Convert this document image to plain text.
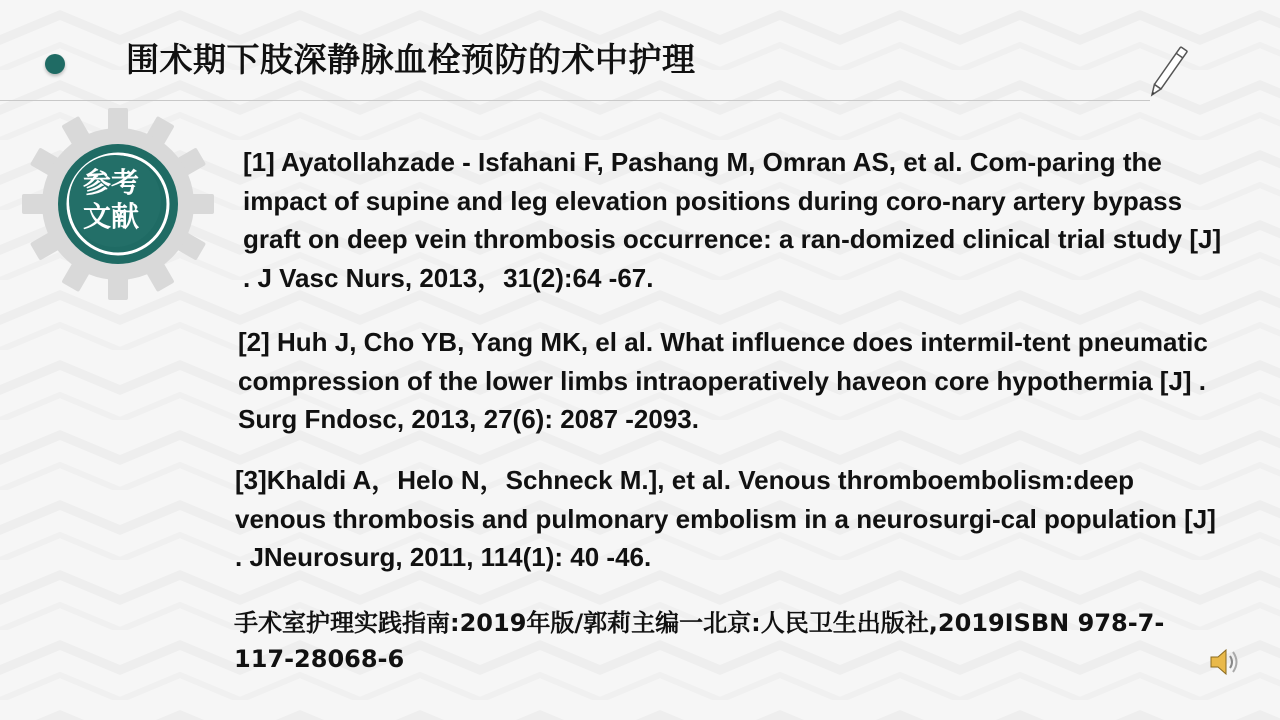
围术期下肢深静脉血栓预防的术中护理
参考
文献

[1] Ayatollahzade - Isfahani F, Pashang M, Omran AS, et al. Com-paring the impact of supine and leg elevation positions during coro-nary artery bypass graft on deep vein thrombosis occurrence: a ran-domized clinical trial study [J] . J Vasc Nurs, 2013，31(2):64 -67.

[2] Huh J, Cho YB, Yang MK, el al. What influence does intermil-tent pneumatic compression of the lower limbs intraoperatively haveon core hypothermia [J] . Surg Fndosc, 2013, 27(6): 2087 -2093.

[3]Khaldi A，Helo N，Schneck M.], et al. Venous thromboembolism:deep venous thrombosis and pulmonary embolism in a neurosurgi-cal population [J] . JNeurosurg, 2011, 114(1): 40 -46.

手术室护理实践指南:2019年版/郭莉主编一北京:人民卫生出版社,2019ISBN 978-7-117-28068-6
